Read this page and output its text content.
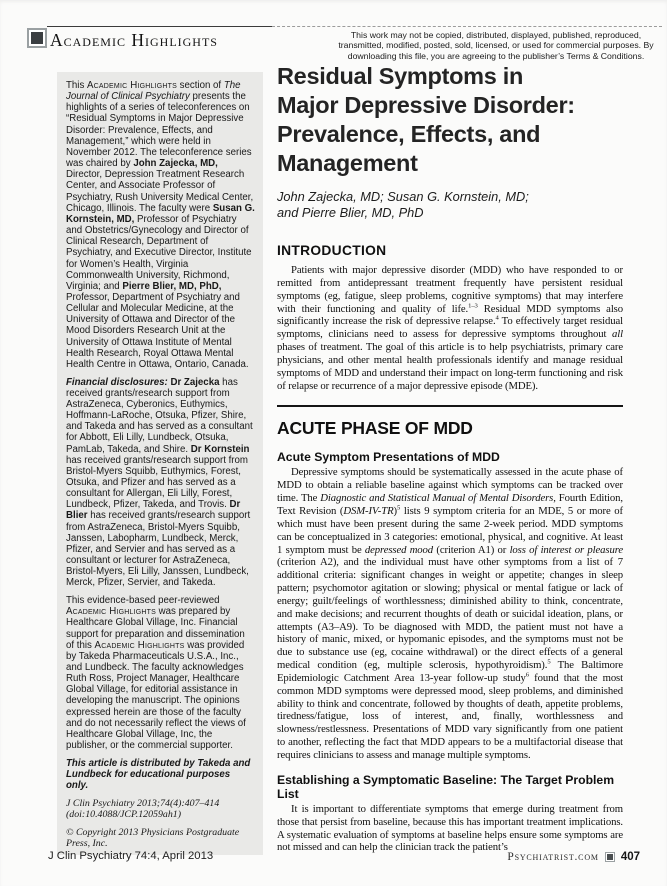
Academic Highlights	This work may not be copied, distributed, displayed, published, reproduced, transmitted, modified, posted, sold, licensed, or used for commercial purposes. By downloading this file, you are agreeing to the publisher’s Terms & Conditions.

This Academic Highlights section of The Journal of Clinical Psychiatry presents the highlights of a series of teleconferences on “Residual Symptoms in Major Depressive Disorder: Prevalence, Effects, and Management,” which were held in November 2012. The teleconference series was chaired by John Zajecka, MD, Director, Depression Treatment Research Center, and Associate Professor of Psychiatry, Rush University Medical Center, Chicago, Illinois. The faculty were Susan G. Kornstein, MD, Professor of Psychiatry and Obstetrics/Gynecology and Director of Clinical Research, Department of Psychiatry, and Executive Director, Institute for Women’s Health, Virginia Commonwealth University, Richmond, Virginia; and Pierre Blier, MD, PhD, Professor, Department of Psychiatry and Cellular and Molecular Medicine, at the University of Ottawa and Director of the Mood Disorders Research Unit at the University of Ottawa Institute of Mental Health Research, Royal Ottawa Mental Health Centre in Ottawa, Ontario, Canada.

Financial disclosures: Dr Zajecka has received grants/research support from AstraZeneca, Cyberonics, Euthymics, Hoffmann-LaRoche, Otsuka, Pfizer, Shire, and Takeda and has served as a consultant for Abbott, Eli Lilly, Lundbeck, Otsuka, PamLab, Takeda, and Shire. Dr Kornstein has received grants/research support from Bristol-Myers Squibb, Euthymics, Forest, Otsuka, and Pfizer and has served as a consultant for Allergan, Eli Lilly, Forest, Lundbeck, Pfizer, Takeda, and Trovis. Dr Blier has received grants/research support from AstraZeneca, Bristol-Myers Squibb, Janssen, Labopharm, Lundbeck, Merck, Pfizer, and Servier and has served as a consultant or lecturer for AstraZeneca, Bristol-Myers, Eli Lilly, Janssen, Lundbeck, Merck, Pfizer, Servier, and Takeda.

This evidence-based peer-reviewed Academic Highlights was prepared by Healthcare Global Village, Inc. Financial support for preparation and dissemination of this Academic Highlights was provided by Takeda Pharmaceuticals U.S.A., Inc., and Lundbeck. The faculty acknowledges Ruth Ross, Project Manager, Healthcare Global Village, for editorial assistance in developing the manuscript. The opinions expressed herein are those of the faculty and do not necessarily reflect the views of Healthcare Global Village, Inc, the publisher, or the commercial supporter.

This article is distributed by Takeda and Lundbeck for educational purposes only.

J Clin Psychiatry 2013;74(4):407–414
(doi:10.4088/JCP.12059ah1)

© Copyright 2013 Physicians Postgraduate Press, Inc.

Residual Symptoms in
Major Depressive Disorder:
Prevalence, Effects, and Management
John Zajecka, MD; Susan G. Kornstein, MD;
and Pierre Blier, MD, PhD
INTRODUCTION

Patients with major depressive disorder (MDD) who have responded to or remitted from antidepressant treatment frequently have persistent residual symptoms (eg, fatigue, sleep problems, cognitive symptoms) that may interfere with their functioning and quality of life.$^{1-3}$ Residual MDD symptoms also significantly increase the risk of depressive relapse.$^4$ To effectively target residual symptoms, clinicians need to assess for depressive symptoms throughout all phases of treatment. The goal of this article is to help psychiatrists, primary care physicians, and other mental health professionals identify and manage residual symptoms of MDD and understand their impact on long-term functioning and risk of relapse or recurrence of a major depressive episode (MDE).

ACUTE PHASE OF MDD
Acute Symptom Presentations of MDD

Depressive symptoms should be systematically assessed in the acute phase of MDD to obtain a reliable baseline against which symptoms can be tracked over time. The Diagnostic and Statistical Manual of Mental Disorders, Fourth Edition, Text Revision $(DSM-IV-TR)^5$ lists 9 symptom criteria for an MDE, 5 or more of which must have been present during the same 2-week period. MDD symptoms can be conceptualized in 3 categories: emotional, physical, and cognitive. At least 1 symptom must be depressed mood (criterion A1) or loss of interest or pleasure (criterion A2), and the individual must have other symptoms from a list of 7 additional criteria: significant changes in weight or appetite; changes in sleep pattern; psychomotor agitation or slowing; physical or mental fatigue or lack of energy; guilt/feelings of worthlessness; diminished ability to think, concentrate, and make decisions; and recurrent thoughts of death or suicidal ideation, plans, or attempts (A3–A9). To be diagnosed with MDD, the patient must not have a history of manic, mixed, or hypomanic episodes, and the symptoms must not be due to substance use (eg, cocaine withdrawal) or the direct effects of a general medical condition (eg, multiple sclerosis, hypothyroidism).$^5$ The Baltimore Epidemiologic Catchment Area 13-year follow-up study$^6$ found that the most common MDD symptoms were depressed mood, sleep problems, and diminished ability to think and concentrate, followed by thoughts of death, appetite problems, tiredness/fatigue, loss of interest, and, finally, worthlessness and slowness/restlessness. Presentations of MDD vary significantly from one patient to another, reflecting the fact that MDD appears to be a multifactorial disease that requires clinicians to assess and manage multiple symptoms.

Establishing a Symptomatic Baseline: The Target Problem List

It is important to differentiate symptoms that emerge during treatment from those that persist from baseline, because this has important treatment implications. A systematic evaluation of symptoms at baseline helps ensure some symptoms are not missed and can help the clinician track the patient’s

J Clin Psychiatry 74:4, April 2013	Psychiatrist.com 407
